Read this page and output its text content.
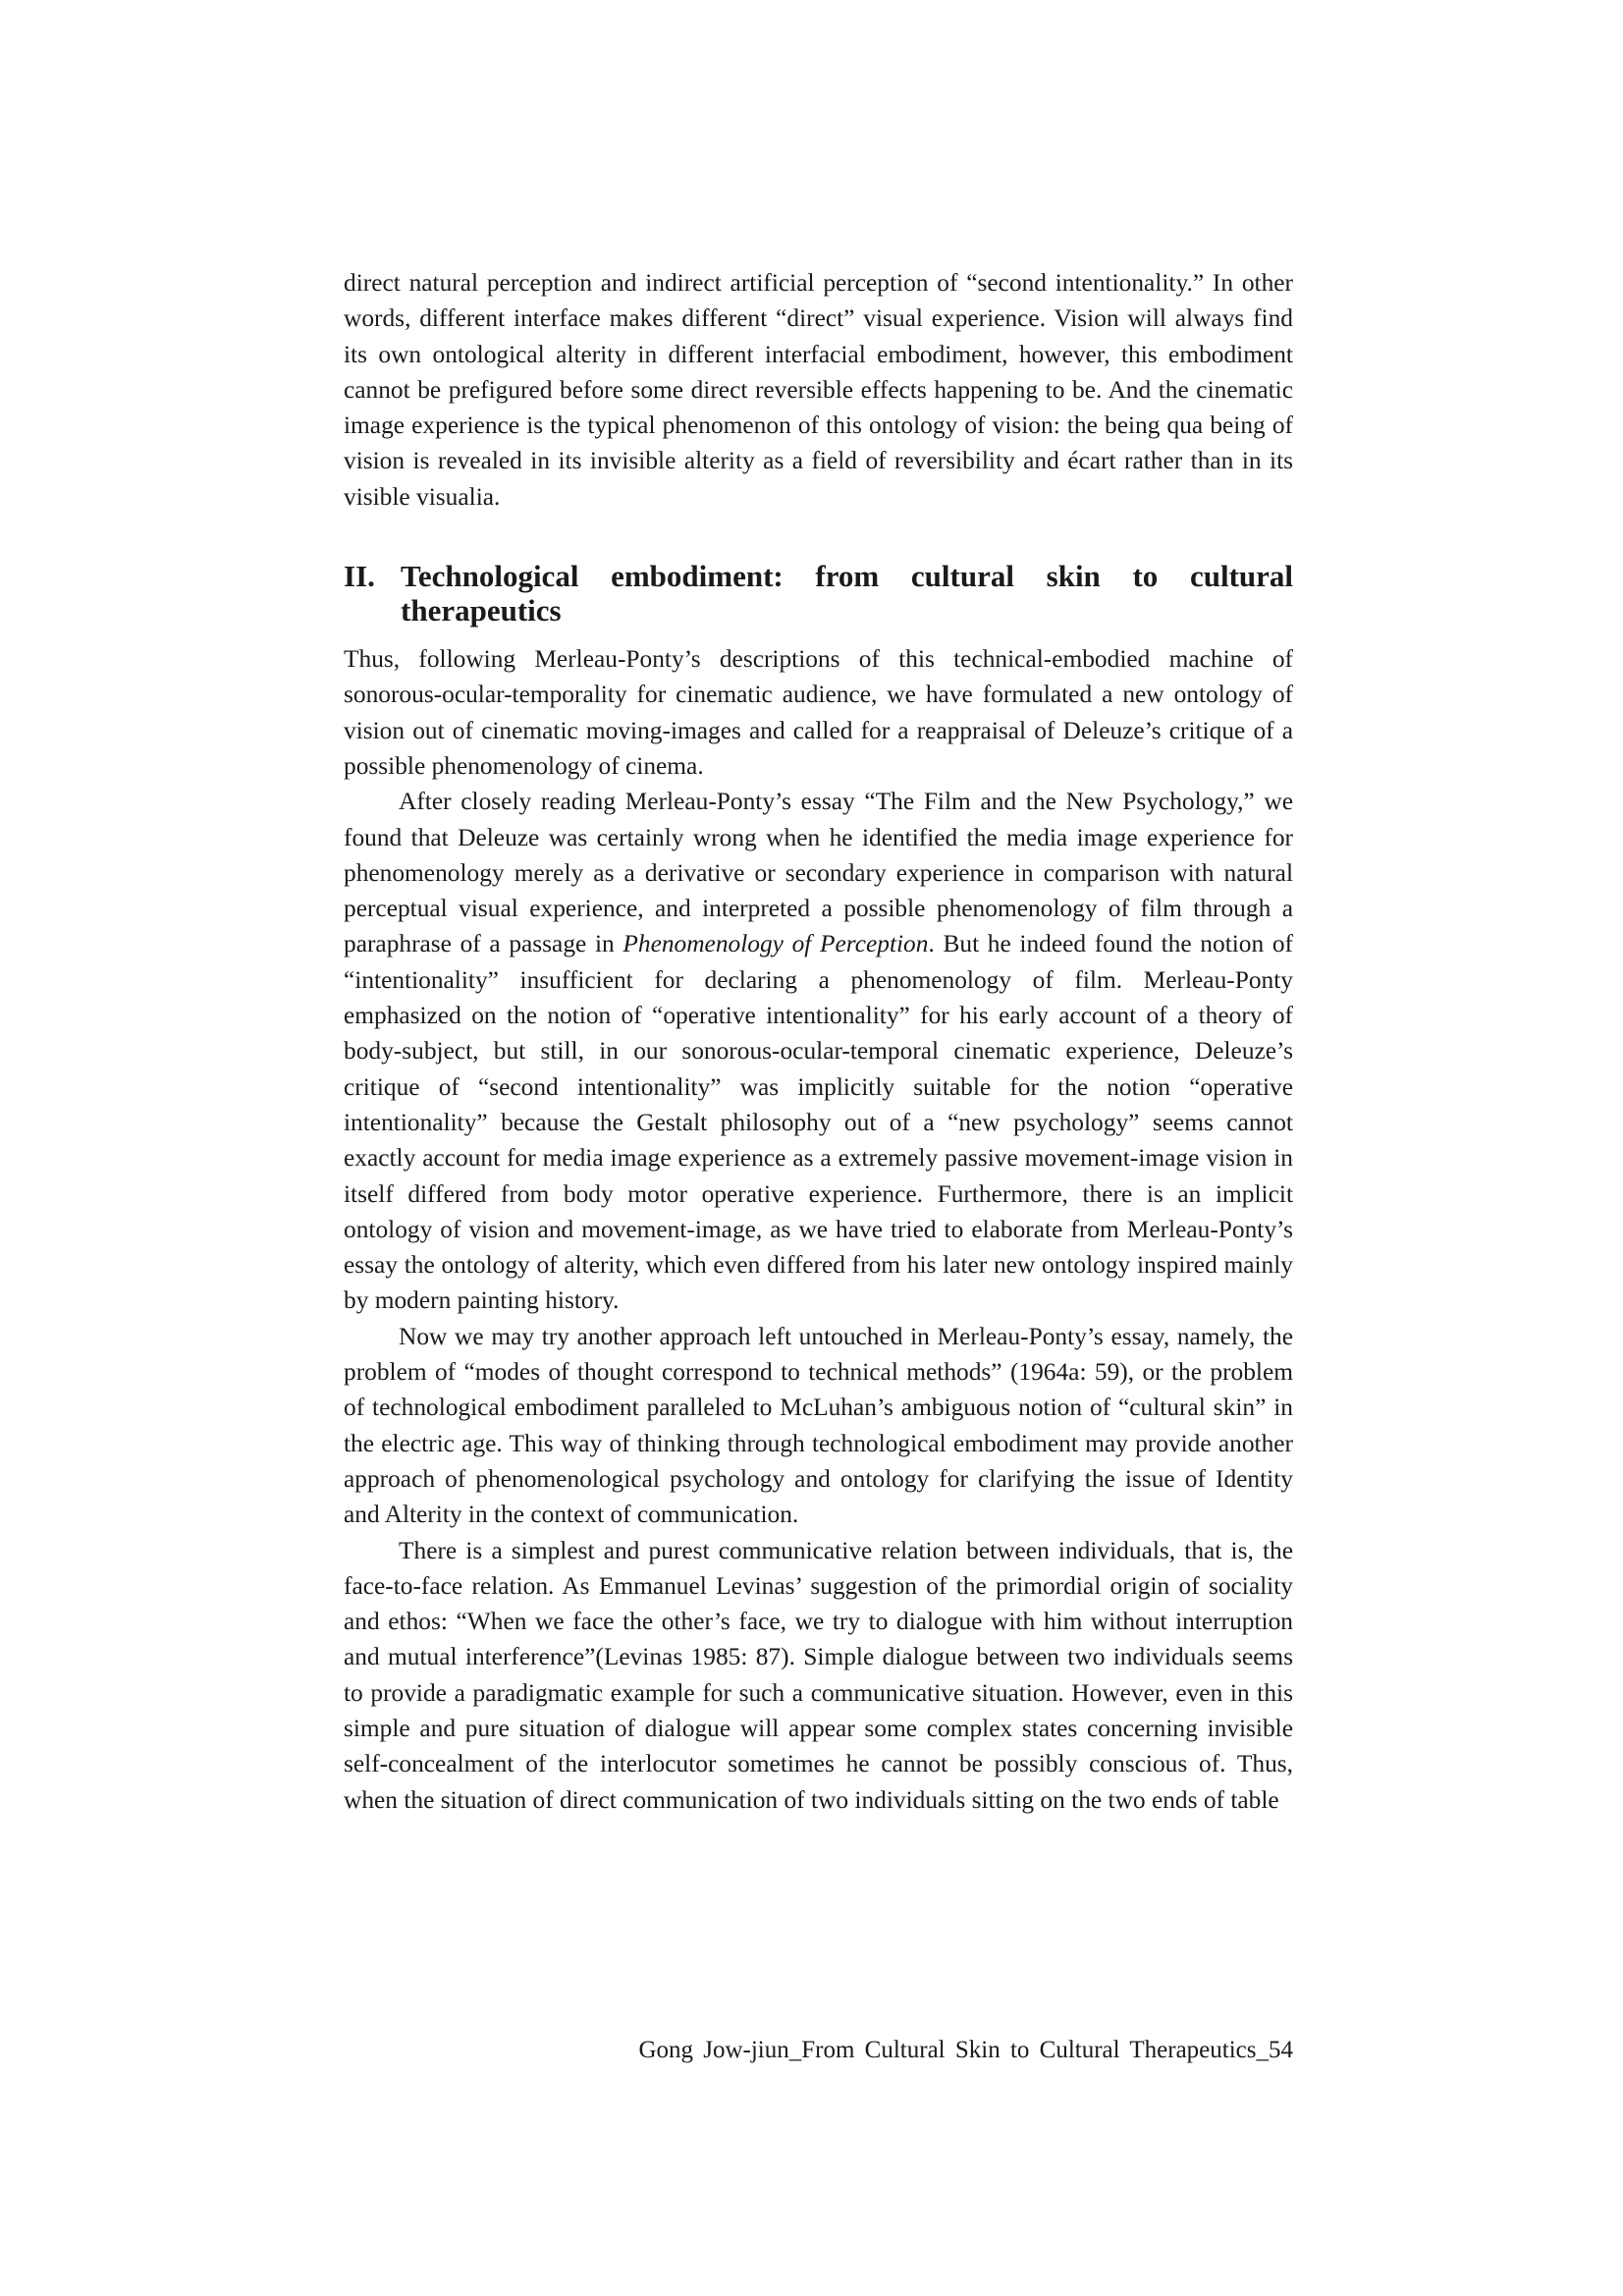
direct natural perception and indirect artificial perception of “second intentionality.” In other words, different interface makes different “direct” visual experience. Vision will always find its own ontological alterity in different interfacial embodiment, however, this embodiment cannot be prefigured before some direct reversible effects happening to be. And the cinematic image experience is the typical phenomenon of this ontology of vision: the being qua being of vision is revealed in its invisible alterity as a field of reversibility and écart rather than in its visible visualia.

II. Technological embodiment: from cultural skin to cultural
therapeutics

Thus, following Merleau-Ponty’s descriptions of this technical-embodied machine of sonorous-ocular-temporality for cinematic audience, we have formulated a new ontology of vision out of cinematic moving-images and called for a reappraisal of Deleuze’s critique of a possible phenomenology of cinema.

After closely reading Merleau-Ponty’s essay “The Film and the New Psychology,” we found that Deleuze was certainly wrong when he identified the media image experience for phenomenology merely as a derivative or secondary experience in comparison with natural perceptual visual experience, and interpreted a possible phenomenology of film through a paraphrase of a passage in Phenomenology of Perception. But he indeed found the notion of “intentionality” insufficient for declaring a phenomenology of film. Merleau-Ponty emphasized on the notion of “operative intentionality” for his early account of a theory of body-subject, but still, in our sonorous-ocular-temporal cinematic experience, Deleuze’s critique of “second intentionality” was implicitly suitable for the notion “operative intentionality” because the Gestalt philosophy out of a “new psychology” seems cannot exactly account for media image experience as a extremely passive movement-image vision in itself differed from body motor operative experience. Furthermore, there is an implicit ontology of vision and movement-image, as we have tried to elaborate from Merleau-Ponty’s essay the ontology of alterity, which even differed from his later new ontology inspired mainly by modern painting history.

Now we may try another approach left untouched in Merleau-Ponty’s essay, namely, the problem of “modes of thought correspond to technical methods” (1964a: 59), or the problem of technological embodiment paralleled to McLuhan’s ambiguous notion of “cultural skin” in the electric age. This way of thinking through technological embodiment may provide another approach of phenomenological psychology and ontology for clarifying the issue of Identity and Alterity in the context of communication.

There is a simplest and purest communicative relation between individuals, that is, the face-to-face relation. As Emmanuel Levinas’ suggestion of the primordial origin of sociality and ethos: “When we face the other’s face, we try to dialogue with him without interruption and mutual interference”(Levinas 1985: 87). Simple dialogue between two individuals seems to provide a paradigmatic example for such a communicative situation. However, even in this simple and pure situation of dialogue will appear some complex states concerning invisible self-concealment of the interlocutor sometimes he cannot be possibly conscious of. Thus, when the situation of direct communication of two individuals sitting on the two ends of table

Gong Jow-jiun_From Cultural Skin to Cultural Therapeutics_54
